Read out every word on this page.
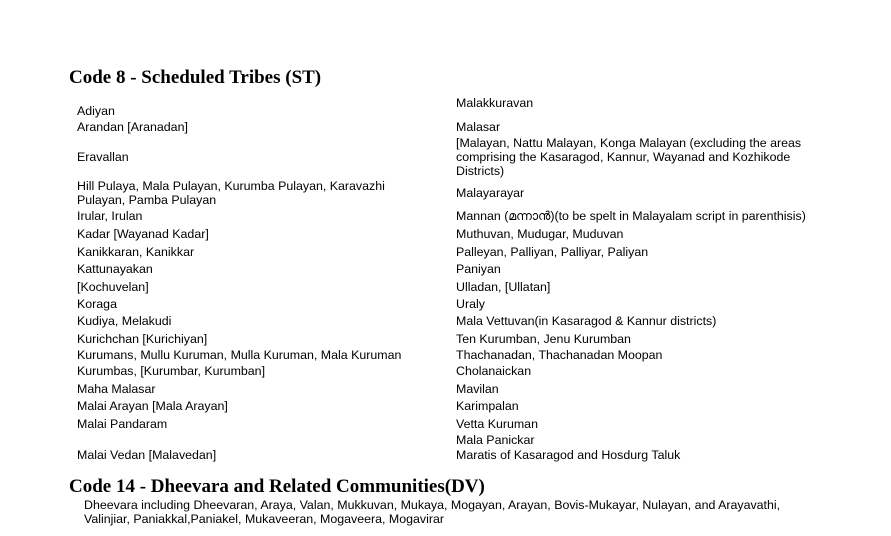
Code 8 - Scheduled Tribes (ST)
Adiyan
Arandan [Aranadan]
Eravallan
Hill Pulaya, Mala Pulayan, Kurumba Pulayan, Karavazhi
Pulayan, Pamba Pulayan
Irular, Irulan
Kadar [Wayanad Kadar]
Kanikkaran, Kanikkar
Kattunayakan
[Kochuvelan]
Koraga
Kudiya, Melakudi
Kurichchan [Kurichiyan]
Kurumans, Mullu Kuruman, Mulla Kuruman, Mala Kuruman
Kurumbas, [Kurumbar, Kurumban]
Maha Malasar
Malai Arayan [Mala Arayan]
Malai Pandaram
Malai Vedan [Malavedan]
Malakkuravan
Malasar
[Malayan, Nattu Malayan, Konga Malayan (excluding the areas
comprising the Kasaragod, Kannur, Wayanad and Kozhikode
Districts)
Malayarayar
Mannan (മന്നാൻ)(to be spelt in Malayalam script in parenthisis)
Muthuvan, Mudugar, Muduvan
Palleyan, Palliyan, Palliyar, Paliyan
Paniyan
Ulladan, [Ullatan]
Uraly
Mala Vettuvan(in Kasaragod & Kannur districts)
Ten Kurumban, Jenu Kurumban
Thachanadan, Thachanadan Moopan
Cholanaickan
Mavilan
Karimpalan
Vetta Kuruman
Mala Panickar
Maratis of Kasaragod and Hosdurg Taluk
Code 14 - Dheevara and Related Communities(DV)
Dheevara including Dheevaran, Araya, Valan, Mukkuvan, Mukaya, Mogayan, Arayan, Bovis-Mukayar, Nulayan, and Arayavathi,
Valinjiar, Paniakkal,Paniakel, Mukaveeran, Mogaveera, Mogavirar
